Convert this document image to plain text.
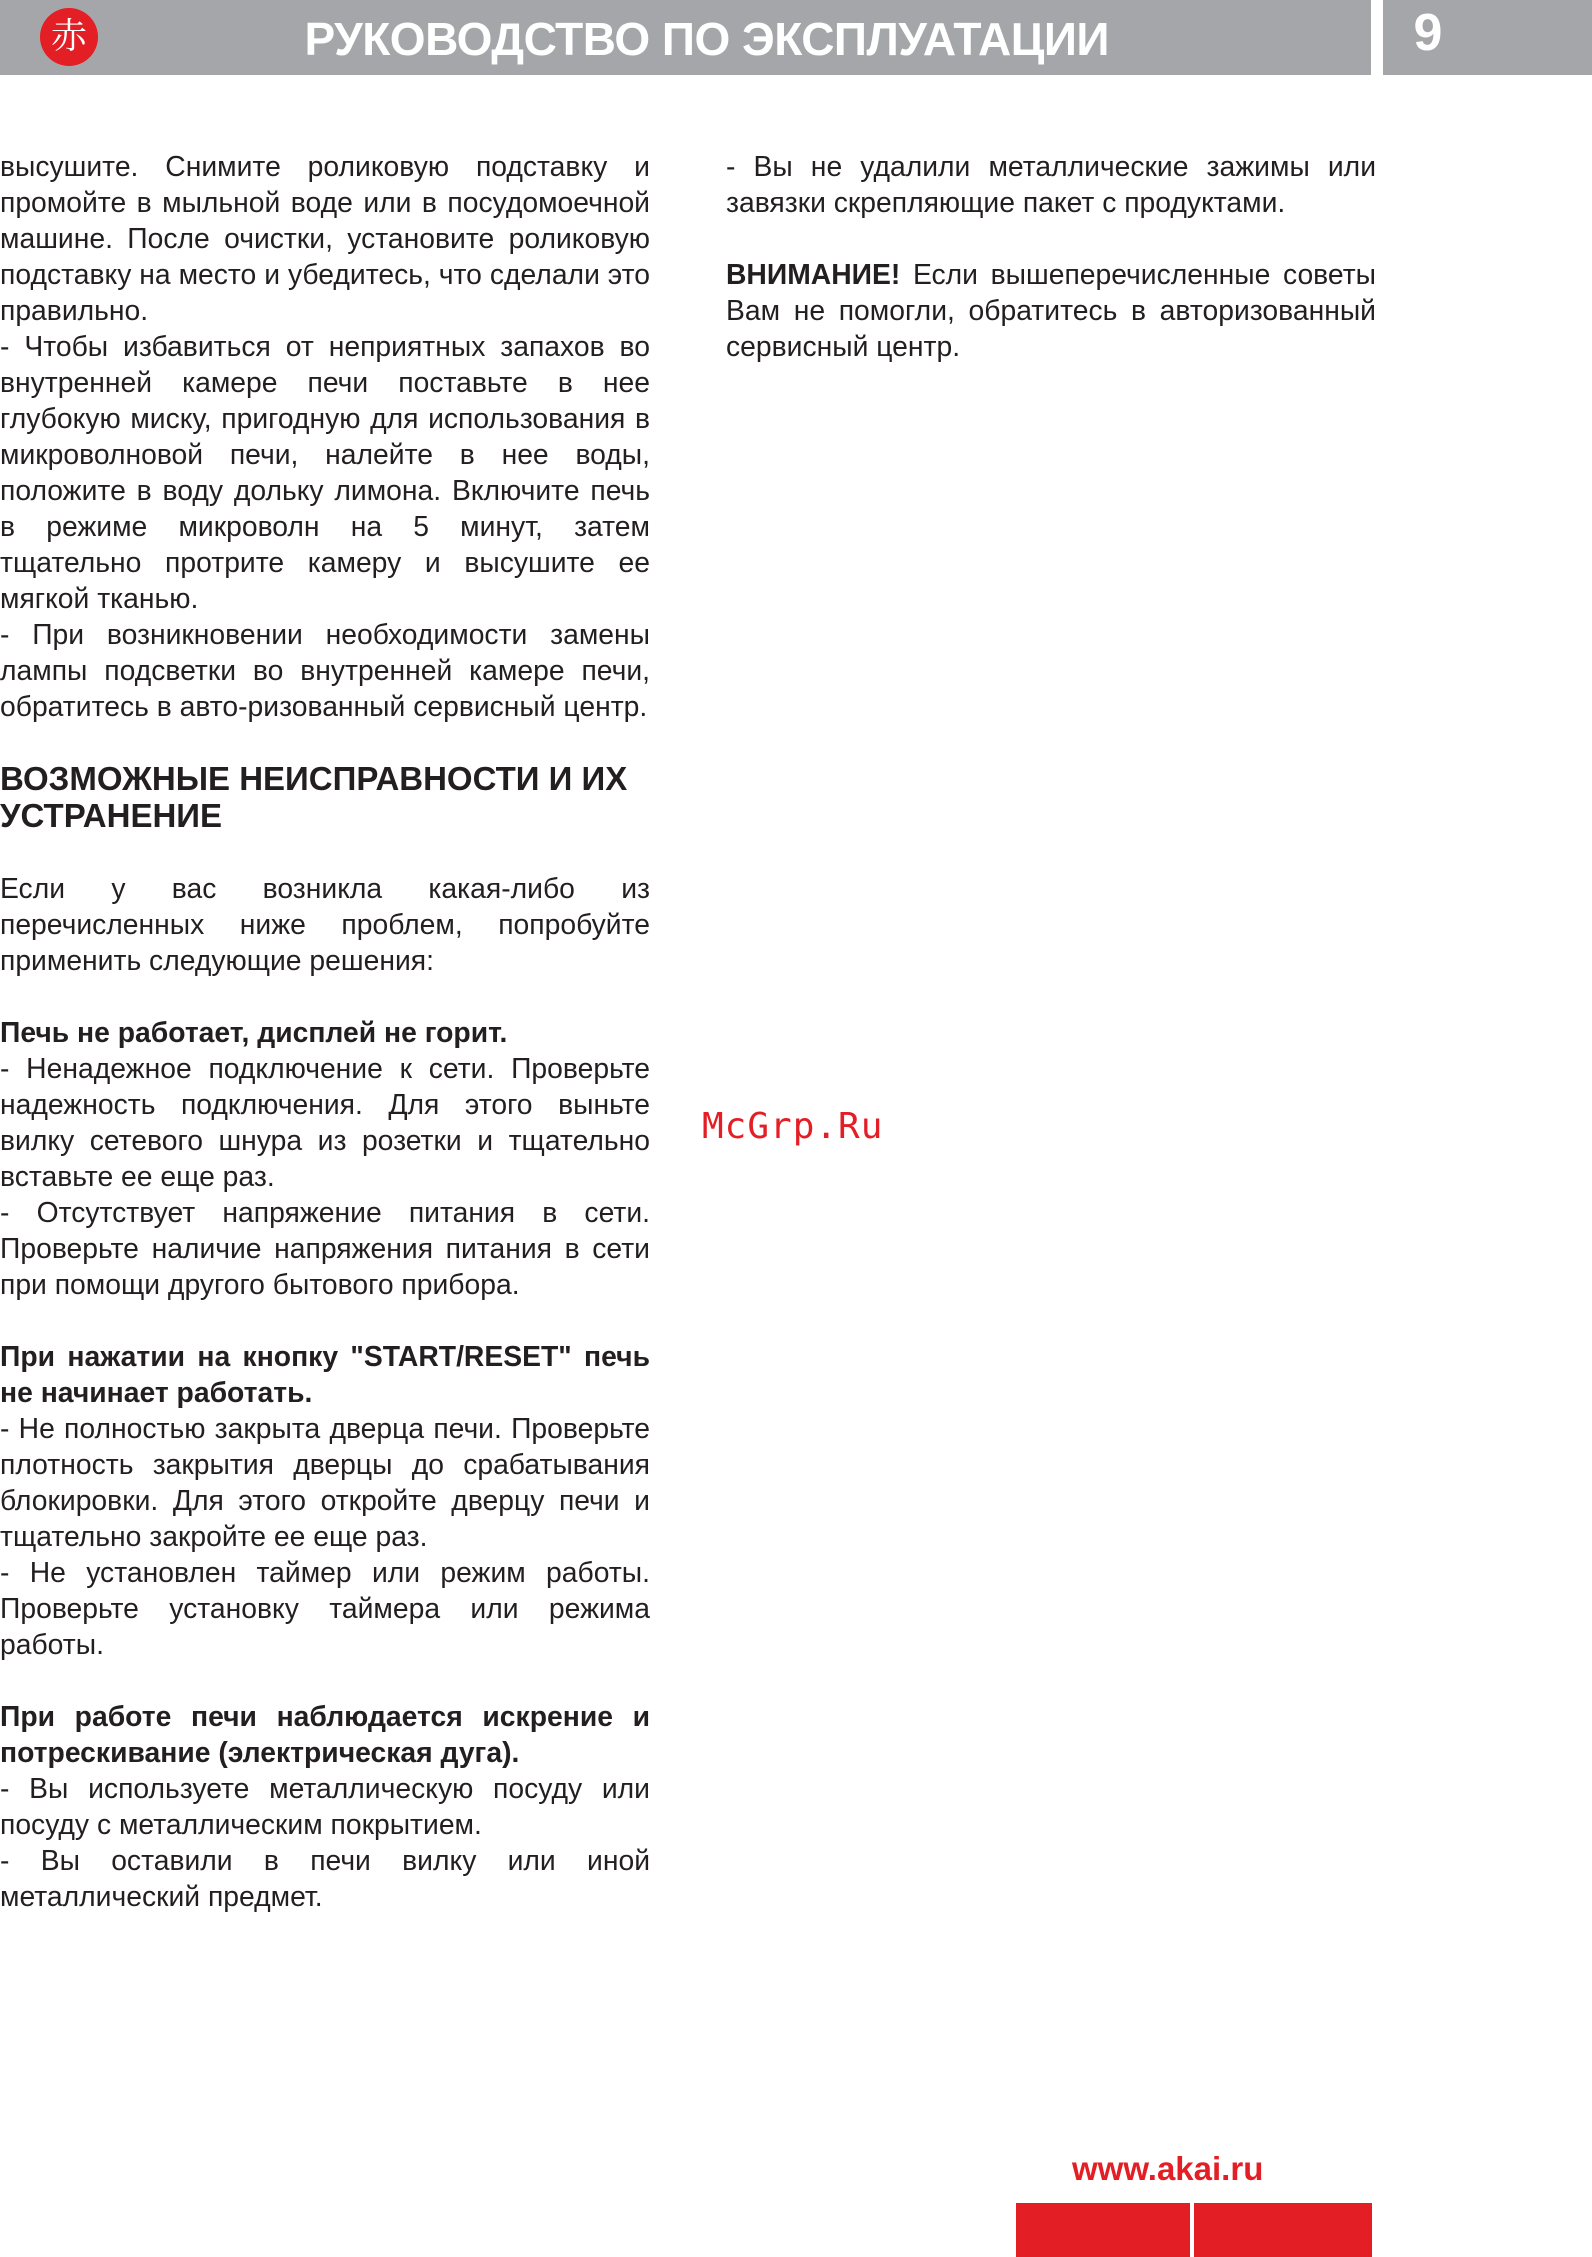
赤	РУКОВОДСТВО ПО ЭКСПЛУАТАЦИИ	9

высушите. Снимите роликовую подставку и промойте в мыльной воде или в посудомоечной машине. После очистки, установите роликовую подставку на место и убедитесь, что сделали это правильно.

- Чтобы избавиться от неприятных запахов во внутренней камере печи поставьте в нее глубокую миску, пригодную для использования в микроволновой печи, налейте в нее воды, положите в воду дольку лимона. Включите печь в режиме микроволн на 5 минут, затем тщательно протрите камеру и высушите ее мягкой тканью.

- При возникновении необходимости замены лампы подсветки во внутренней камере печи, обратитесь в авто-ризованный сервисный центр.

ВОЗМОЖНЫЕ НЕИСПРАВНОСТИ И ИХ УСТРАНЕНИЕ

Если у вас возникла какая-либо из перечисленных ниже проблем, попробуйте применить следующие решения:

Печь не работает, дисплей не горит.

- Ненадежное подключение к сети. Проверьте надежность подключения. Для этого выньте вилку сетевого шнура из розетки и тщательно вставьте ее еще раз.

- Отсутствует напряжение питания в сети. Проверьте наличие напряжения питания в сети при помощи другого бытового прибора.

При нажатии на кнопку "START/RESET" печь не начинает работать.

- Не полностью закрыта дверца печи. Проверьте плотность закрытия дверцы до срабатывания блокировки. Для этого откройте дверцу печи и тщательно закройте ее еще раз.

- Не установлен таймер или режим работы. Проверьте установку таймера или режима работы.

При работе печи наблюдается искрение и потрескивание (электрическая дуга).

- Вы используете металлическую посуду или посуду с металлическим покрытием.

- Вы оставили в печи вилку или иной металлический предмет.

- Вы не удалили металлические зажимы или завязки скрепляющие пакет с продуктами.

ВНИМАНИЕ! Если вышеперечисленные советы Вам не помогли, обратитесь в авторизованный сервисный центр.

McGrp.Ru
www.akai.ru
